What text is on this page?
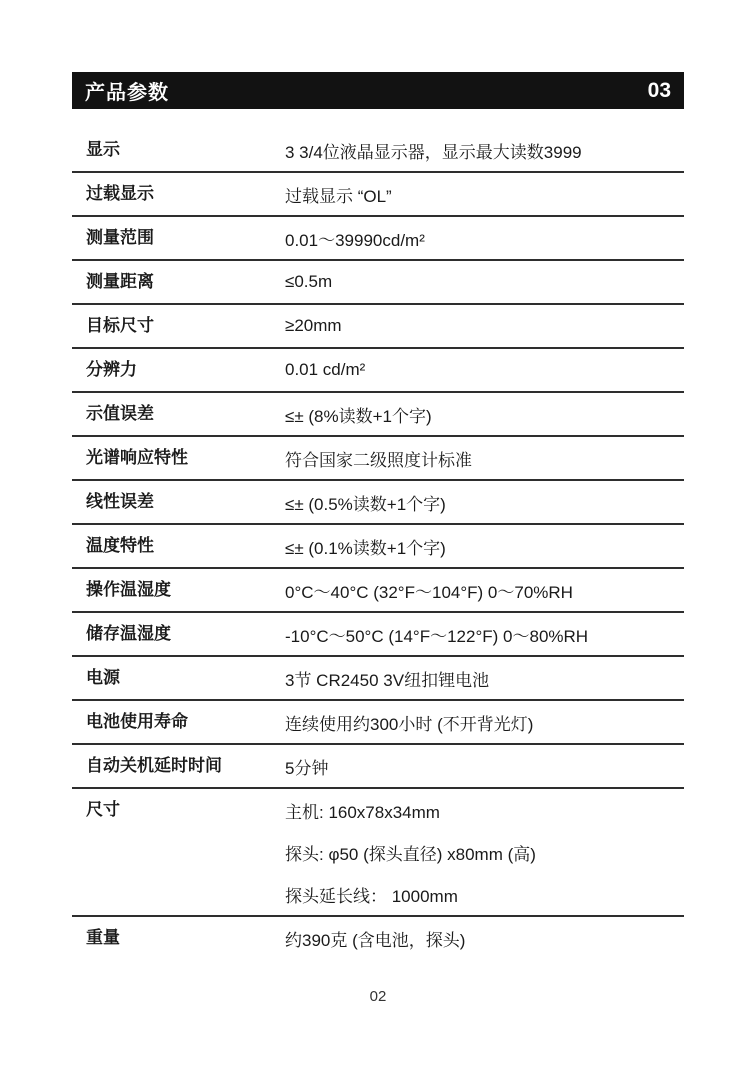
产品参数	03
显示	3 3/4位液晶显示器，显示最大读数3999
过载显示	过载显示 “OL”
测量范围	0.01～39990cd/m²
测量距离	≤0.5m
目标尺寸	≥20mm
分辨力	0.01 cd/m²
示值误差	≤± (8%读数+1个字)
光谱响应特性	符合国家二级照度计标准
线性误差	≤± (0.5%读数+1个字)
温度特性	≤± (0.1%读数+1个字)
操作温湿度	0°C～40°C (32°F～104°F) 0～70%RH
储存温湿度	-10°C～50°C (14°F～122°F) 0～80%RH
电源	3节 CR2450 3V纽扣锂电池
电池使用寿命	连续使用约300小时 (不开背光灯)
自动关机延时时间	5分钟
尺寸	主机: 160x78x34mm
探头: φ50 (探头直径) x80mm (高)
探头延长线： 1000mm
重量	约390克 (含电池，探头)
02
